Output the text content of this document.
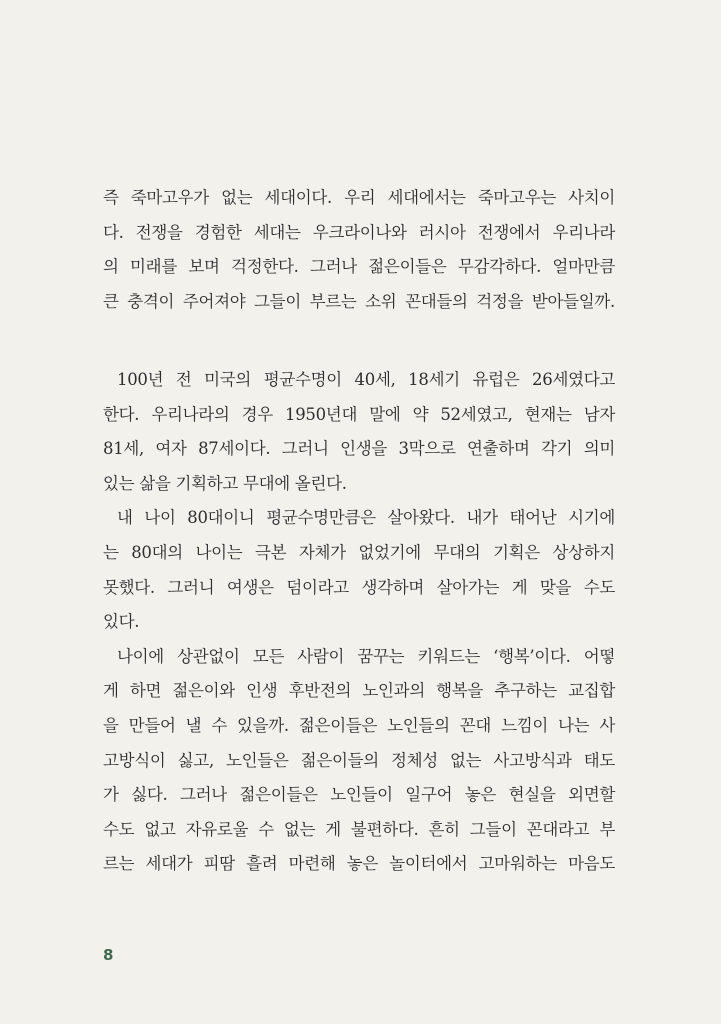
즉 죽마고우가 없는 세대이다. 우리 세대에서는 죽마고우는 사치이
다. 전쟁을 경험한 세대는 우크라이나와 러시아 전쟁에서 우리나라
의 미래를 보며 걱정한다. 그러나 젊은이들은 무감각하다. 얼마만큼
큰 충격이 주어져야 그들이 부르는 소위 꼰대들의 걱정을 받아들일까.
100년 전 미국의 평균수명이 40세, 18세기 유럽은 26세였다고
한다. 우리나라의 경우 1950년대 말에 약 52세였고, 현재는 남자
81세, 여자 87세이다. 그러니 인생을 3막으로 연출하며 각기 의미
있는 삶을 기획하고 무대에 올린다.
내 나이 80대이니 평균수명만큼은 살아왔다. 내가 태어난 시기에
는 80대의 나이는 극본 자체가 없었기에 무대의 기획은 상상하지
못했다. 그러니 여생은 덤이라고 생각하며 살아가는 게 맞을 수도
있다.
나이에 상관없이 모든 사람이 꿈꾸는 키워드는 ‘행복’이다. 어떻
게 하면 젊은이와 인생 후반전의 노인과의 행복을 추구하는 교집합
을 만들어 낼 수 있을까. 젊은이들은 노인들의 꼰대 느낌이 나는 사
고방식이 싫고, 노인들은 젊은이들의 정체성 없는 사고방식과 태도
가 싫다. 그러나 젊은이들은 노인들이 일구어 놓은 현실을 외면할
수도 없고 자유로울 수 없는 게 불편하다. 흔히 그들이 꼰대라고 부
르는 세대가 피땀 흘려 마련해 놓은 놀이터에서 고마워하는 마음도
8
